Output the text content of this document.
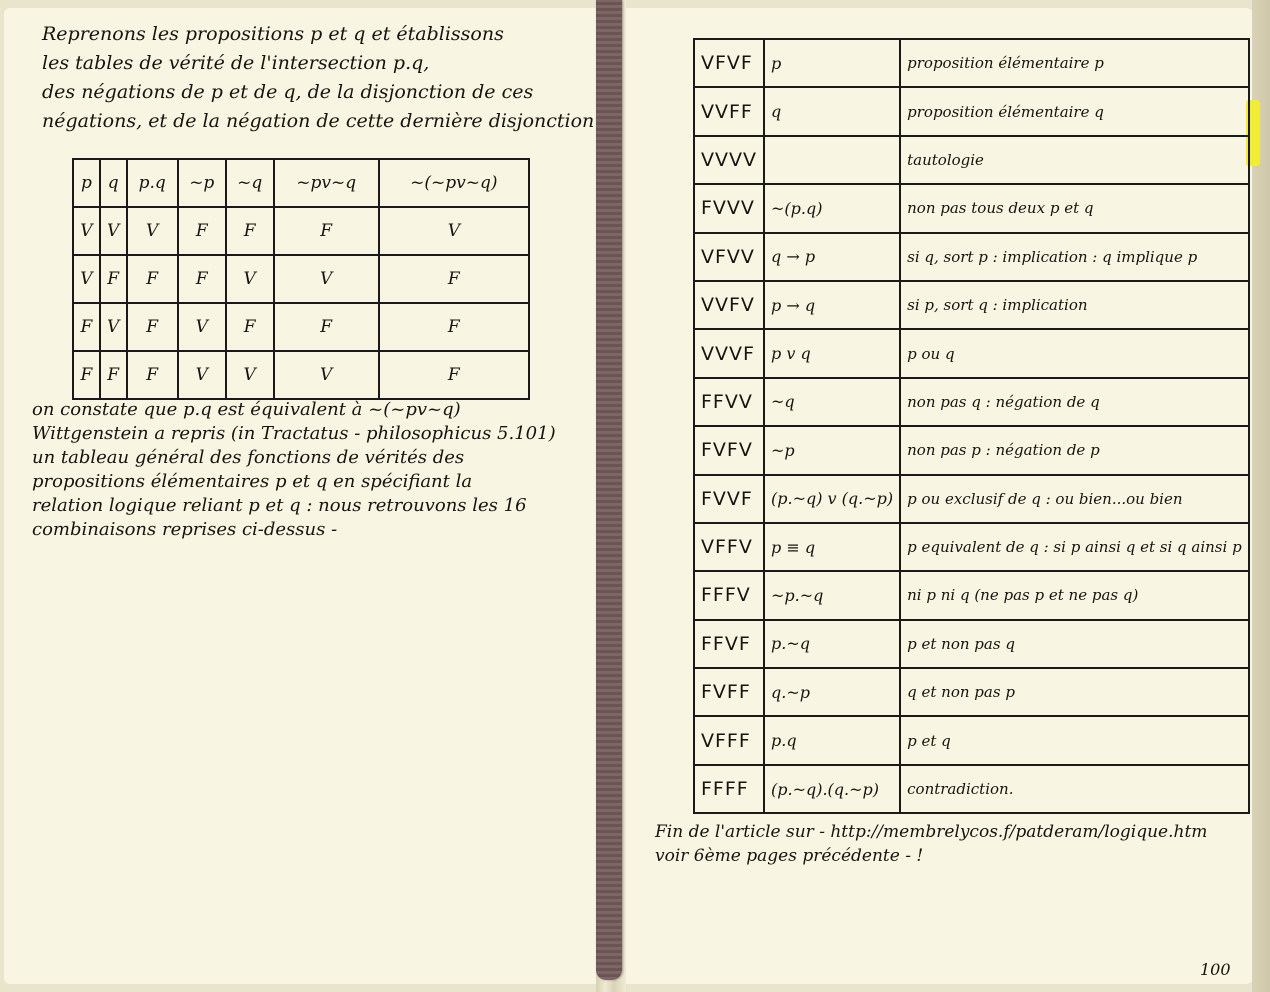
Reprenons les propositions p et q et établissons
les tables de vérité de l'intersection p.q,
des négations de p et de q, de la disjonction de ces
négations, et de la négation de cette dernière disjonction
p	q	p.q	~p	~q	~pv~q	~(~pv~q)
V	V	V	F	F	F	V
V	F	F	F	V	V	F
F	V	F	V	F	F	F
F	F	F	V	V	V	F
on constate que p.q est équivalent à ~(~pv~q)
Wittgenstein a repris (in Tractatus - philosophicus 5.101)
un tableau général des fonctions de vérités des
propositions élémentaires p et q en spécifiant la
relation logique reliant p et q : nous retrouvons les 16
combinaisons reprises ci-dessus -
VFVF	p	proposition élémentaire p
VVFF	q	proposition élémentaire q
VVVV		tautologie
FVVV	~(p.q)	non pas tous deux p et q
VFVV	q → p	si q, sort p : implication : q implique p
VVFV	p → q	si p, sort q : implication
VVVF	p v q	p ou q
FFVV	~q	non pas q : négation de q
FVFV	~p	non pas p : négation de p
FVVF	(p.~q) v (q.~p)	p ou exclusif de q : ou bien...ou bien
VFFV	p ≡ q	p equivalent de q : si p ainsi q et si q ainsi p
FFFV	~p.~q	ni p ni q (ne pas p et ne pas q)
FFVF	p.~q	p et non pas q
FVFF	q.~p	q et non pas p
VFFF	p.q	p et q
FFFF	(p.~q).(q.~p)	contradiction.
Fin de l'article sur - http://membrelycos.f/patderam/logique.htm
voir 6ème pages précédente - !
100
